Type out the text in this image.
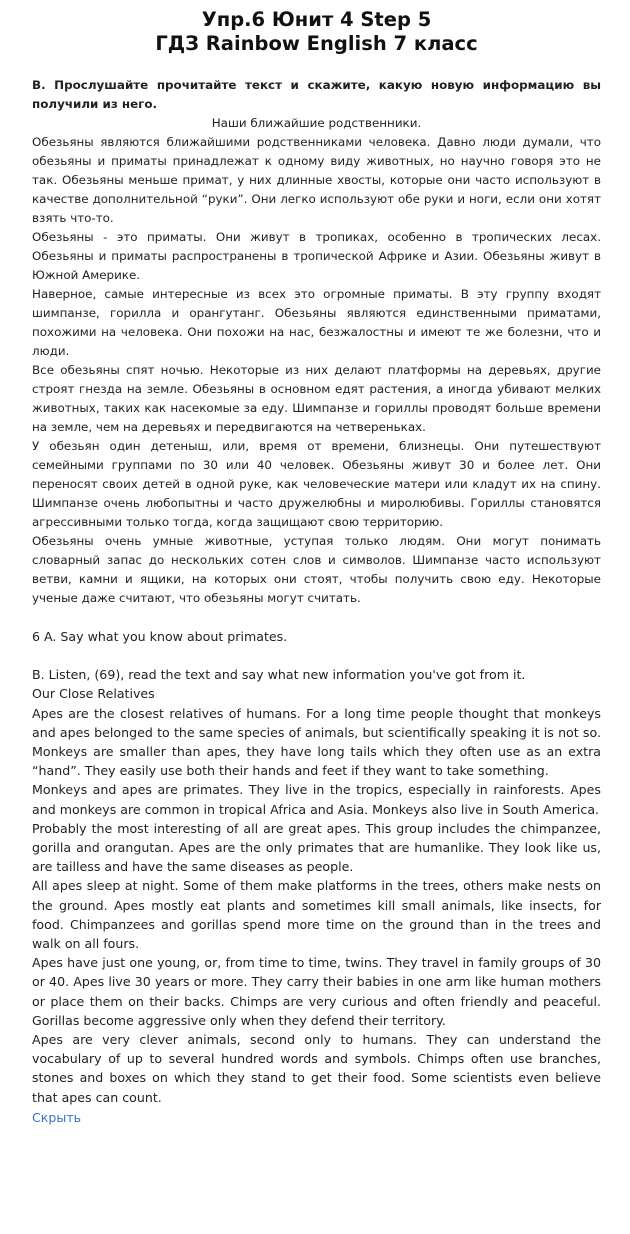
Упр.6 Юнит 4 Step 5
ГДЗ Rainbow English 7 класс

В. Прослушайте прочитайте текст и скажите, какую новую информацию вы получили из него.

Наши ближайшие родственники.

Обезьяны являются ближайшими родственниками человека. Давно люди думали, что обезьяны и приматы принадлежат к одному виду животных, но научно говоря это не так. Обезьяны меньше примат, у них длинные хвосты, которые они часто используют в качестве дополнительной “руки”. Они легко используют обе руки и ноги, если они хотят взять что-то.

Обезьяны - это приматы. Они живут в тропиках, особенно в тропических лесах. Обезьяны и приматы распространены в тропической Африке и Азии. Обезьяны живут в Южной Америке.

Наверное, самые интересные из всех это огромные приматы. В эту группу входят шимпанзе, горилла и орангутанг. Обезьяны являются единственными приматами, похожими на человека. Они похожи на нас, безжалостны и имеют те же болезни, что и люди.

Все обезьяны спят ночью. Некоторые из них делают платформы на деревьях, другие строят гнезда на земле. Обезьяны в основном едят растения, а иногда убивают мелких животных, таких как насекомые за еду. Шимпанзе и гориллы проводят больше времени на земле, чем на деревьях и передвигаются на четвереньках.

У обезьян один детеныш, или, время от времени, близнецы. Они путешествуют семейными группами по 30 или 40 человек. Обезьяны живут 30 и более лет. Они переносят своих детей в одной руке, как человеческие матери или кладут их на спину. Шимпанзе очень любопытны и часто дружелюбны и миролюбивы. Гориллы становятся агрессивными только тогда, когда защищают свою территорию.

Обезьяны очень умные животные, уступая только людям. Они могут понимать словарный запас до нескольких сотен слов и символов. Шимпанзе часто используют ветви, камни и ящики, на которых они стоят, чтобы получить свою еду. Некоторые ученые даже считают, что обезьяны могут считать.

6 A. Say what you know about primates.

B. Listen, (69), read the text and say what new information you've got from it.

Our Close Relatives

Apes are the closest relatives of humans. For a long time people thought that monkeys and apes belonged to the same species of animals, but scientifically speaking it is not so. Monkeys are smaller than apes, they have long tails which they often use as an extra “hand”. They easily use both their hands and feet if they want to take something.

Monkeys and apes are primates. They live in the tropics, especially in rainforests. Apes and monkeys are common in tropical Africa and Asia. Monkeys also live in South America.

Probably the most interesting of all are great apes. This group includes the chimpanzee, gorilla and orangutan. Apes are the only primates that are humanlike. They look like us, are tailless and have the same diseases as people.

All apes sleep at night. Some of them make platforms in the trees, others make nests on the ground. Apes mostly eat plants and sometimes kill small animals, like insects, for food. Chimpanzees and gorillas spend more time on the ground than in the trees and walk on all fours.

Apes have just one young, or, from time to time, twins. They travel in family groups of 30 or 40. Apes live 30 years or more. They carry their babies in one arm like human mothers or place them on their backs. Chimps are very curious and often friendly and peaceful. Gorillas become aggressive only when they defend their territory.

Apes are very clever animals, second only to humans. They can understand the vocabulary of up to several hundred words and symbols. Chimps often use branches, stones and boxes on which they stand to get their food. Some scientists even believe that apes can count.

Скрыть
